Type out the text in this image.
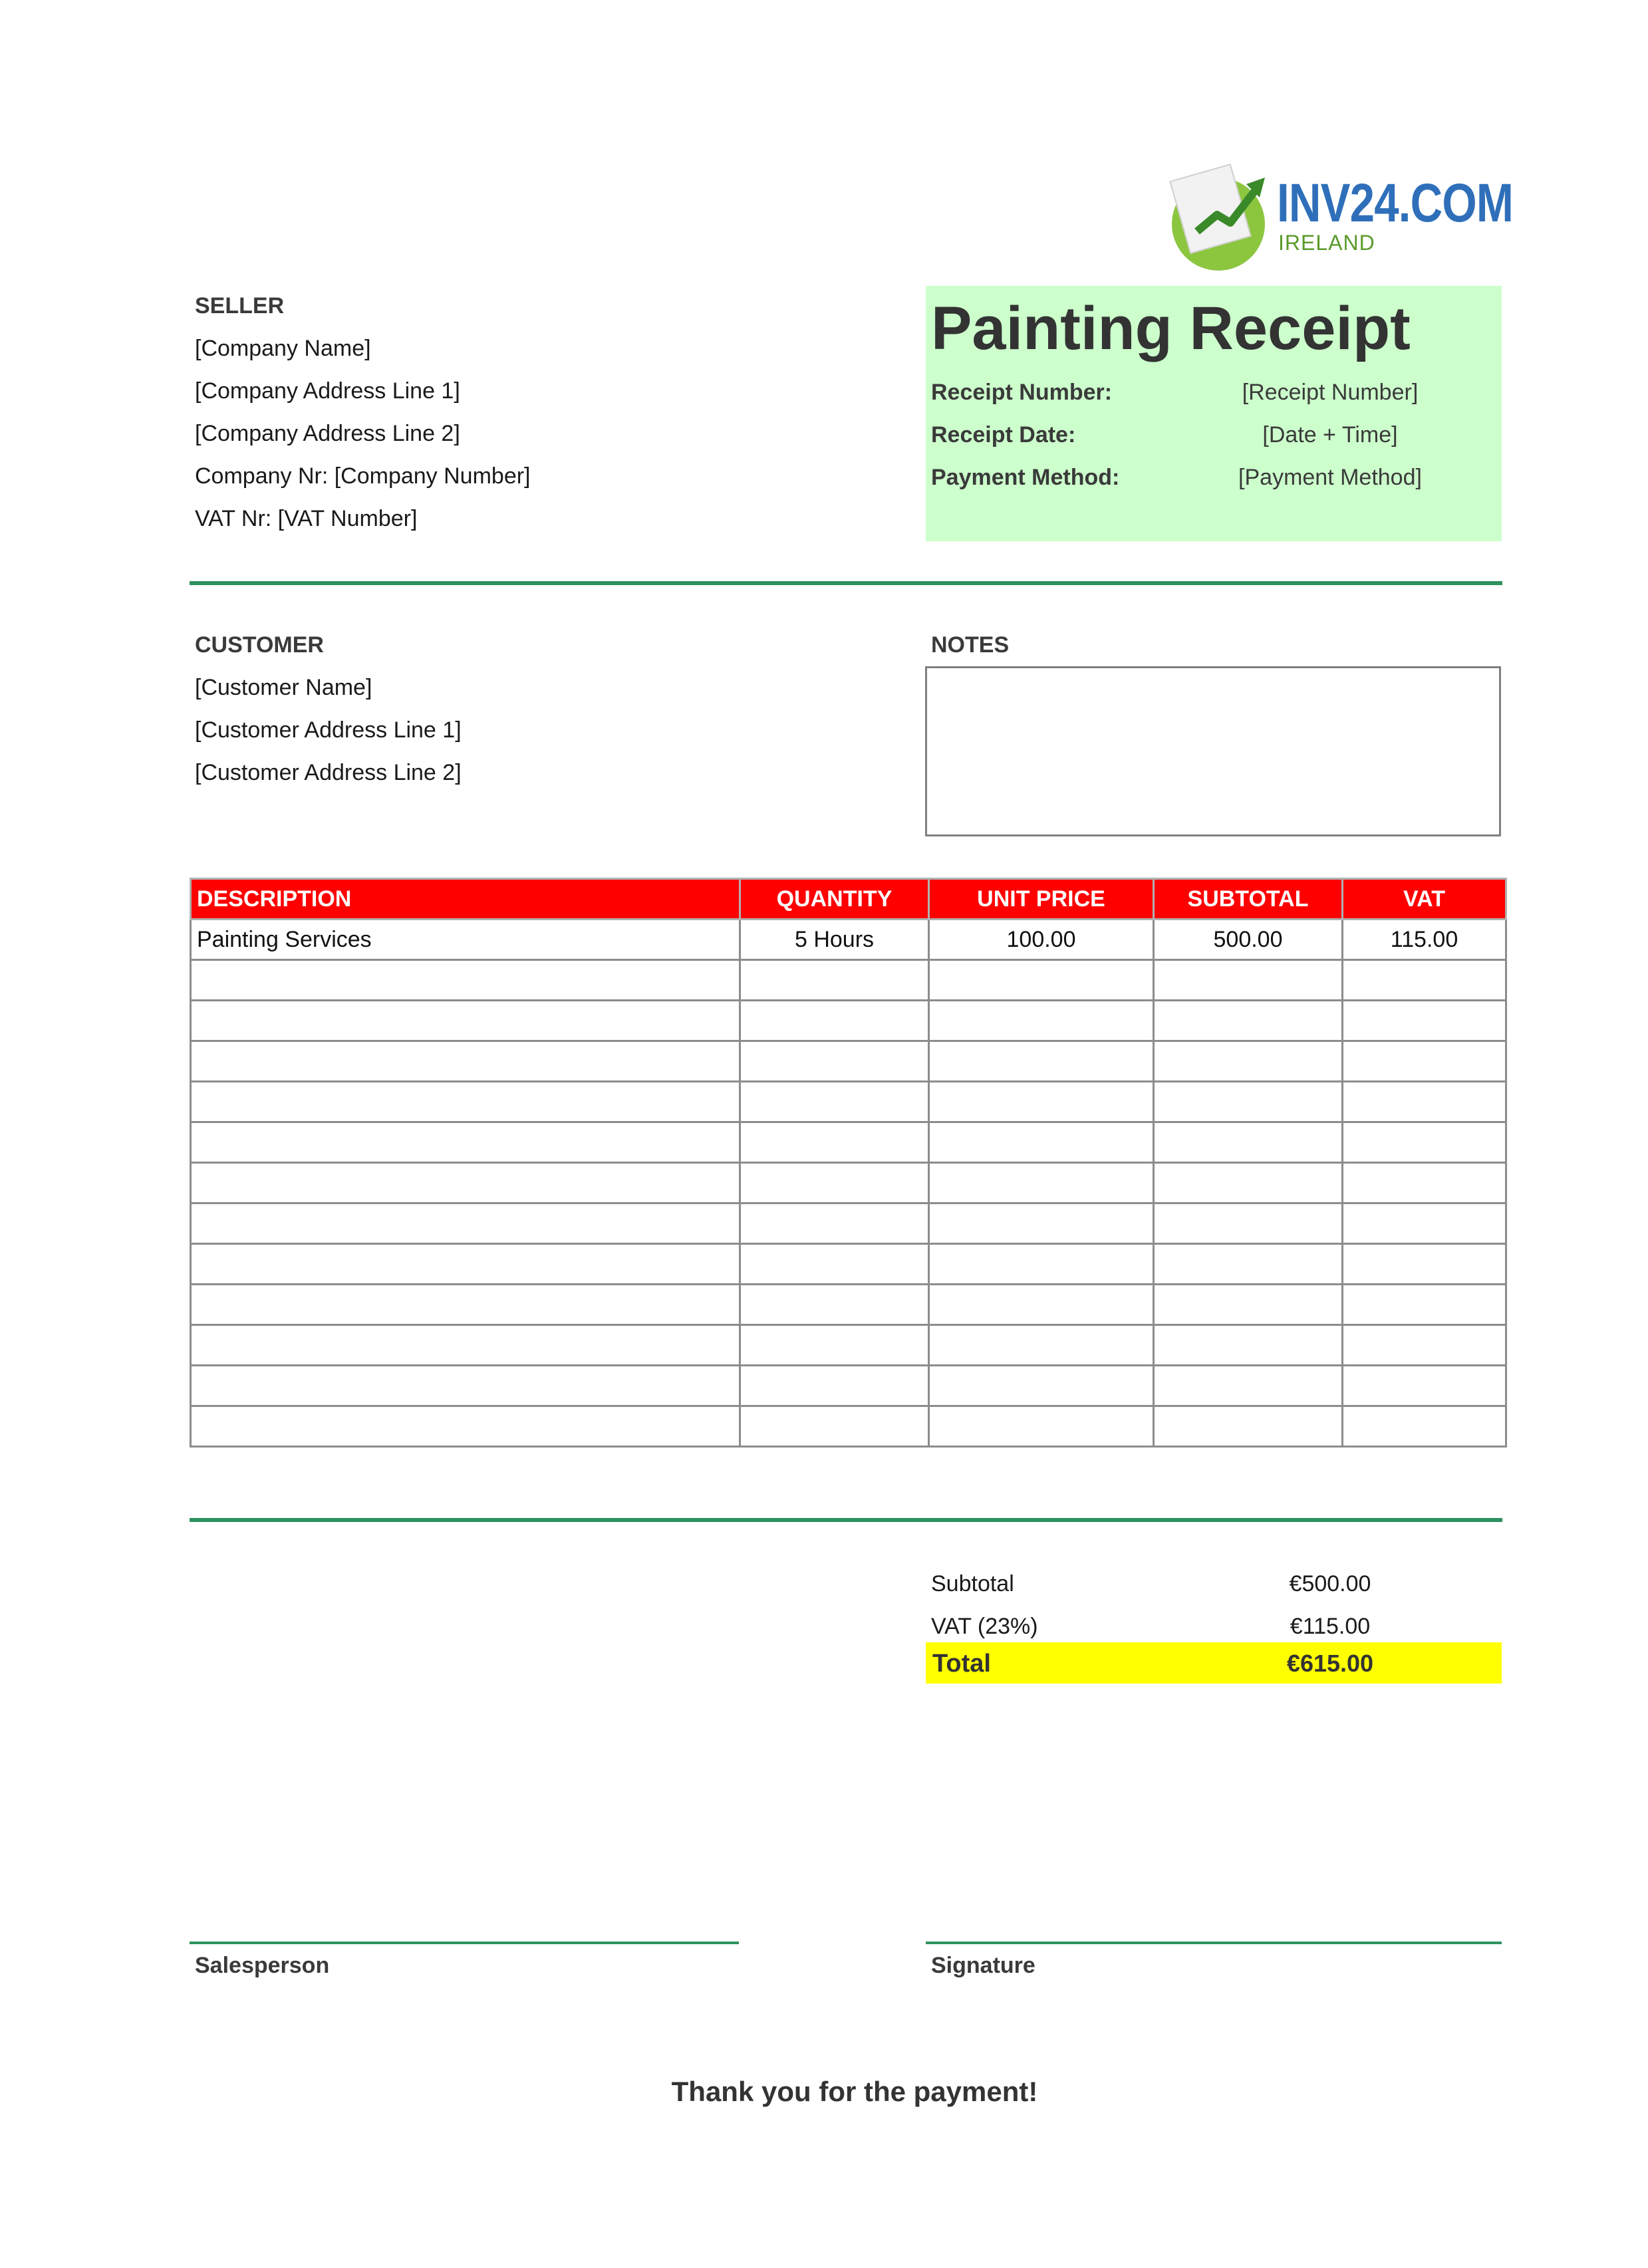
INV24.COM
IRELAND
SELLER
[Company Name]
[Company Address Line 1]
[Company Address Line 2]
Company Nr: [Company Number]
VAT Nr: [VAT Number]
Painting Receipt
Receipt Number:	[Receipt Number]
Receipt Date:	[Date + Time]
Payment Method:	[Payment Method]
CUSTOMER
[Customer Name]
[Customer Address Line 1]
[Customer Address Line 2]
NOTES
DESCRIPTION	QUANTITY	UNIT PRICE	SUBTOTAL	VAT
Painting Services	5 Hours	100.00	500.00	115.00

Subtotal	€500.00
VAT (23%)	€115.00
Total	€615.00
Salesperson	Signature
Thank you for the payment!
